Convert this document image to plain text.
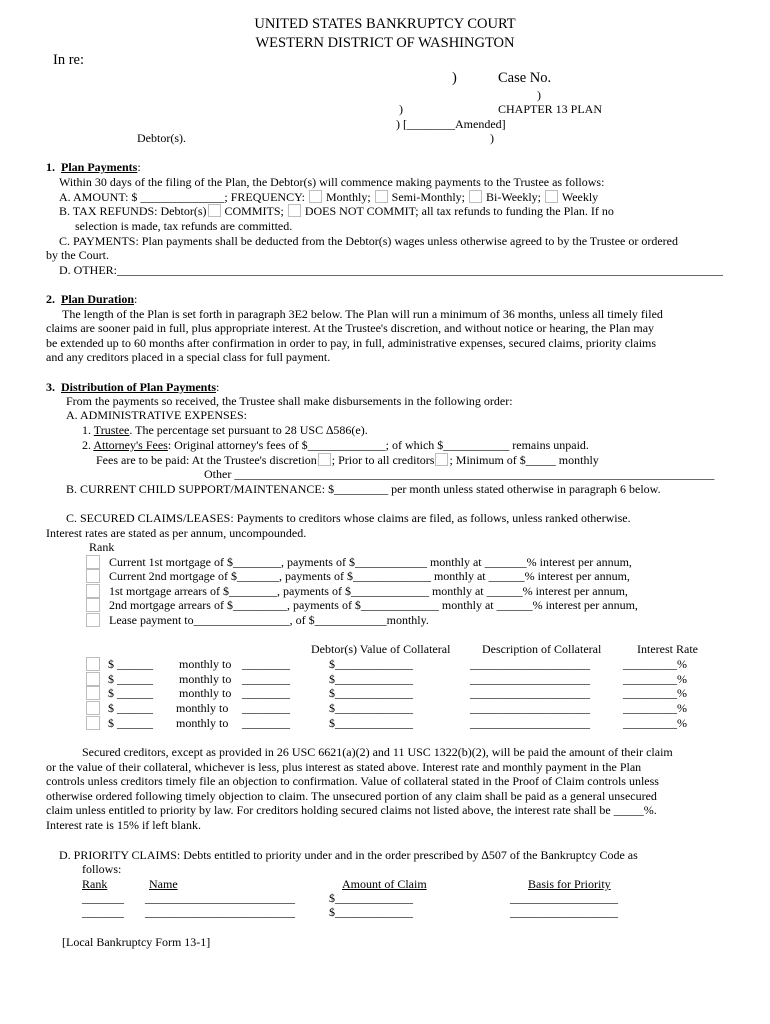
UNITED STATES BANKRUPTCY COURT
WESTERN DISTRICT OF WASHINGTON
In re:
)	Case No.
)
)	CHAPTER 13 PLAN
) [________Amended]
Debtor(s).	)
1. Plan Payments:
Within 30 days of the filing of the Plan, the Debtor(s) will commence making payments to the Trustee as follows:
A. AMOUNT: $ ______________; FREQUENCY: Monthly; Semi-Monthly; Bi-Weekly; Weekly
B. TAX REFUNDS: Debtor(s) COMMITS; DOES NOT COMMIT; all tax refunds to funding the Plan. If no
selection is made, tax refunds are committed.
C. PAYMENTS: Plan payments shall be deducted from the Debtor(s) wages unless otherwise agreed to by the Trustee or ordered
by the Court.
D. OTHER:_____________________________________________________________________________________________________
2. Plan Duration:
The length of the Plan is set forth in paragraph 3E2 below. The Plan will run a minimum of 36 months, unless all timely filed
claims are sooner paid in full, plus appropriate interest. At the Trustee's discretion, and without notice or hearing, the Plan may
be extended up to 60 months after confirmation in order to pay, in full, administrative expenses, secured claims, priority claims
and any creditors placed in a special class for full payment.
3. Distribution of Plan Payments:
From the payments so received, the Trustee shall make disbursements in the following order:
A. ADMINISTRATIVE EXPENSES:
1. Trustee. The percentage set pursuant to 28 USC ∆586(e).
2. Attorney's Fees: Original attorney's fees of $_____________; of which $___________ remains unpaid.
Fees are to be paid: At the Trustee's discretion ; Prior to all creditors ; Minimum of $_____ monthly
Other ________________________________________________________________________________
B. CURRENT CHILD SUPPORT/MAINTENANCE: $_________ per month unless stated otherwise in paragraph 6 below.
C. SECURED CLAIMS/LEASES: Payments to creditors whose claims are filed, as follows, unless ranked otherwise.
Interest rates are stated as per annum, uncompounded.
Rank
Current 1st mortgage of $________, payments of $____________ monthly at _______% interest per annum,
Current 2nd mortgage of $_______, payments of $_____________ monthly at ______% interest per annum,
1st mortgage arrears of $________, payments of $_____________ monthly at ______% interest per annum,
2nd mortgage arrears of $_________, payments of $_____________ monthly at ______% interest per annum,
Lease payment to________________, of $____________monthly.
Debtor(s) Value of Collateral	Description of Collateral	Interest Rate
$ ______ monthly to ________	$_____________	____________________	_________%
$ ______ monthly to ________	$_____________	____________________	_________%
$ ______ monthly to ________	$_____________	____________________	_________%
$ ______ monthly to ________	$_____________	____________________	_________%
$ ______ monthly to ________	$_____________	____________________	_________%
Secured creditors, except as provided in 26 USC 6621(a)(2) and 11 USC 1322(b)(2), will be paid the amount of their claim
or the value of their collateral, whichever is less, plus interest as stated above. Interest rate and monthly payment in the Plan
controls unless creditors timely file an objection to confirmation. Value of collateral stated in the Proof of Claim controls unless
otherwise ordered following timely objection to claim. The unsecured portion of any claim shall be paid as a general unsecured
claim unless entitled to priority by law. For creditors holding secured claims not listed above, the interest rate shall be _____%.
Interest rate is 15% if left blank.
D. PRIORITY CLAIMS: Debts entitled to priority under and in the order prescribed by ∆507 of the Bankruptcy Code as
follows:
Rank	Name	Amount of Claim	Basis for Priority
_______ _________________________	$_____________	__________________
_______ _________________________	$_____________	__________________
[Local Bankruptcy Form 13-1]
